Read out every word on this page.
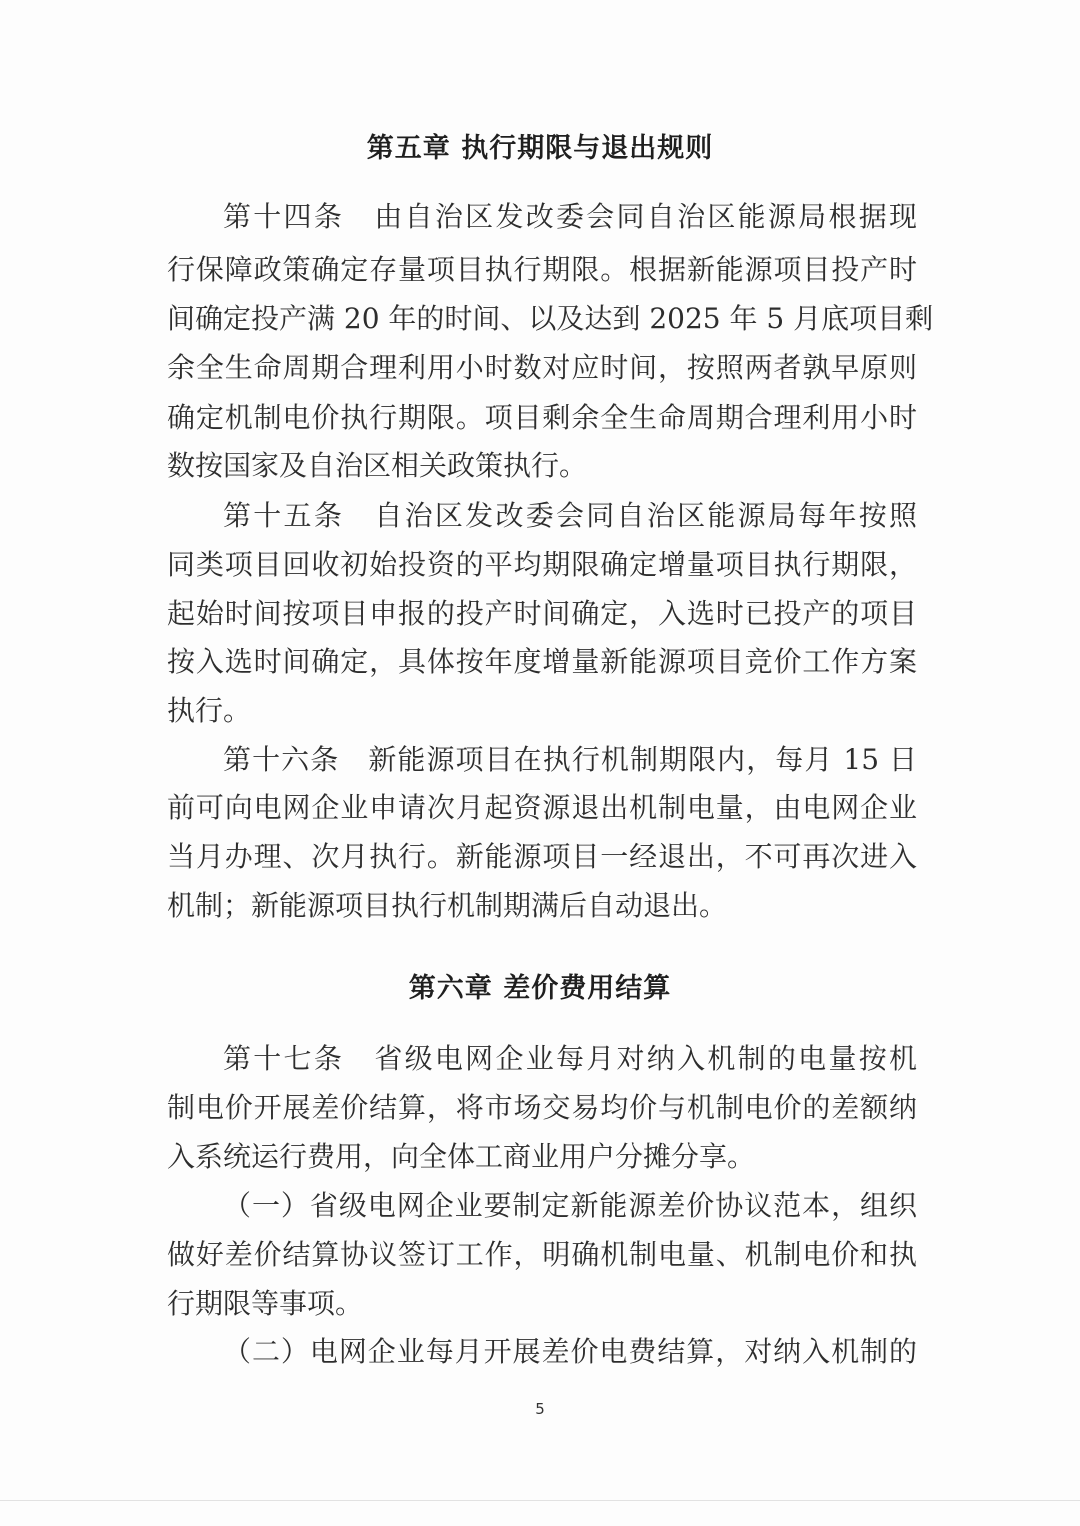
第五章 执行期限与退出规则

第十四条　由自治区发改委会同自治区能源局根据现

行保障政策确定存量项目执行期限。根据新能源项目投产时

间确定投产满 20 年的时间、以及达到 2025 年 5 月底项目剩

余全生命周期合理利用小时数对应时间，按照两者孰早原则

确定机制电价执行期限。项目剩余全生命周期合理利用小时

数按国家及自治区相关政策执行。

第十五条　自治区发改委会同自治区能源局每年按照

同类项目回收初始投资的平均期限确定增量项目执行期限，

起始时间按项目申报的投产时间确定，入选时已投产的项目

按入选时间确定，具体按年度增量新能源项目竞价工作方案

执行。

第十六条　新能源项目在执行机制期限内，每月 15 日

前可向电网企业申请次月起资源退出机制电量，由电网企业

当月办理、次月执行。新能源项目一经退出，不可再次进入

机制；新能源项目执行机制期满后自动退出。

第六章 差价费用结算

第十七条　省级电网企业每月对纳入机制的电量按机

制电价开展差价结算，将市场交易均价与机制电价的差额纳

入系统运行费用，向全体工商业用户分摊分享。

（一）省级电网企业要制定新能源差价协议范本，组织

做好差价结算协议签订工作，明确机制电量、机制电价和执

行期限等事项。

（二）电网企业每月开展差价电费结算，对纳入机制的

5
